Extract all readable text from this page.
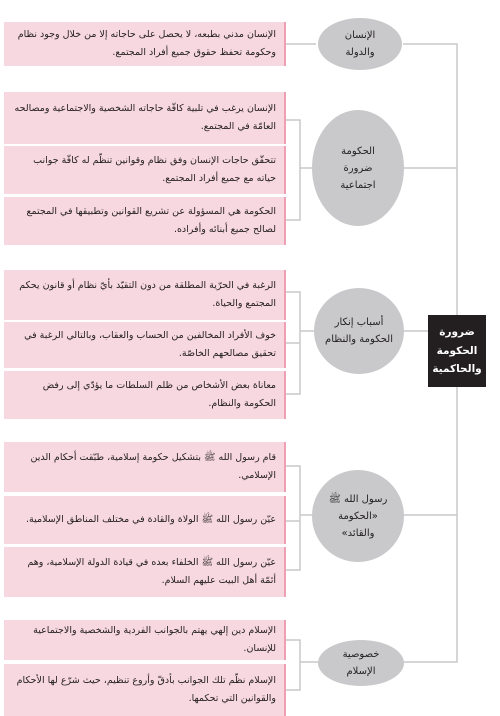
ضرورة
الحكومة
والحاكمية
الإنسان
والدولة
الإنسان مدني بطبعه، لا يحصل على حاجاته إلا من خلال وجود نظام وحكومة تحفظ حقوق جميع أفراد المجتمع.
الحكومة
ضرورة
اجتماعية
الإنسان يرغب في تلبية كافّة حاجاته الشخصية والاجتماعية ومصالحه العامّة في المجتمع.
تتحقّق حاجات الإنسان وفق نظام وقوانين تنظّم له كافّة جوانب حياته مع جميع أفراد المجتمع.
الحكومة هي المسؤولة عن تشريع القوانين وتطبيقها في المجتمع لصالح جميع أبنائه وأفراده.
أسباب إنكار
الحكومة والنظام
الرغبة في الحرّية المطلقة من دون التقيّد بأيّ نظام أو قانون يحكم المجتمع والحياة.
خوف الأفراد المخالفين من الحساب والعقاب، وبالتالي الرغبة في تحقيق مصالحهم الخاصّة.
معاناة بعض الأشخاص من ظلم السلطات ما يؤدّي إلى رفض الحكومة والنظام.
رسول الله ﷺ
«الحكومة
والقائد»
قام رسول الله ﷺ بتشكيل حكومة إسلامية، طبّقت أحكام الدين الإسلامي.
عيّن رسول الله ﷺ الولاة والقادة في مختلف المناطق الإسلامية.
عيّن رسول الله ﷺ الخلفاء بعده في قيادة الدولة الإسلامية، وهم أئمّة أهل البيت عليهم السلام.
خصوصية
الإسلام
الإسلام دين إلهي يهتم بالجوانب الفردية والشخصية والاجتماعية للإنسان.
الإسلام نظّم تلك الجوانب بأدقّ وأروع تنظيم، حيث شرّع لها الأحكام والقوانين التي تحكمها.
